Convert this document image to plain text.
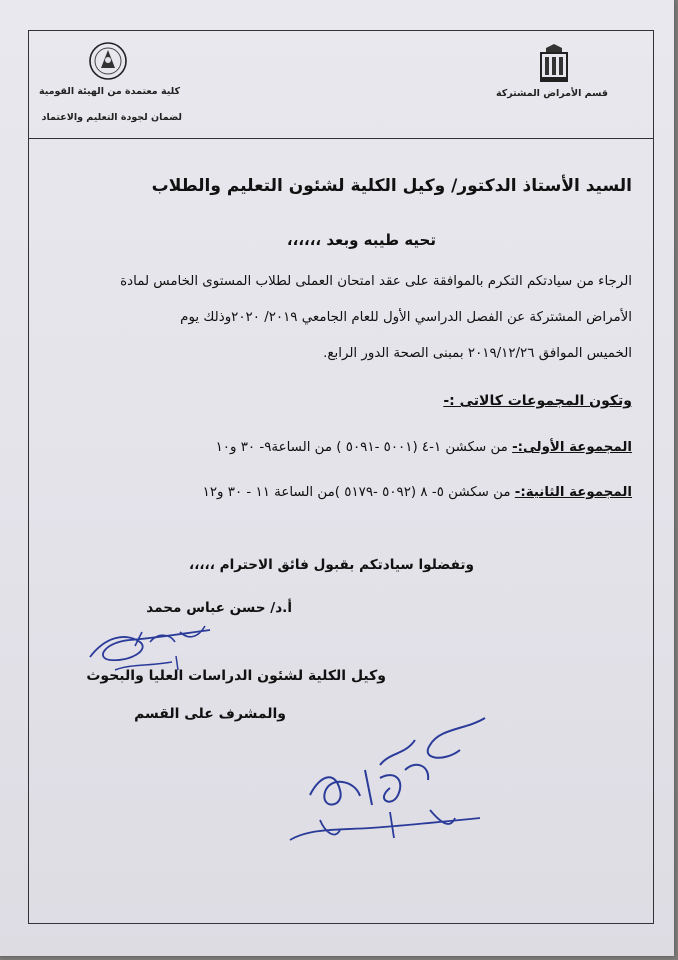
قسم الأمراض المشتركة
كلية معتمدة من الهيئة القومية
لضمان لجودة التعليم والاعتماد
السيد الأستاذ الدكتور/ وكيل الكلية لشئون التعليم والطلاب
تحيه طيبه وبعد ،،،،،،
الرجاء من سيادتكم التكرم بالموافقة على عقد امتحان العملى لطلاب المستوى الخامس لمادة
الأمراض المشتركة عن الفصل الدراسي الأول للعام الجامعي ٢٠١٩/ ٢٠٢٠وذلك يوم
الخميس الموافق ٢٠١٩/١٢/٢٦ بمبنى الصحة الدور الرابع.
وتكون المجموعات كالاتى :-
المجموعة الأولى:- من سكشن ١-٤ (٥٠٠١ -٥٠٩١ ) من الساعة٩- ٣٠ و١٠
المجموعة الثانية:- من سكشن ٥- ٨ (٥٠٩٢ -٥١٧٩ )من الساعة ١١ - ٣٠ و١٢
وتفضلوا سيادتكم بقبول فائق الاحترام ،،،،،
أ.د/ حسن عباس محمد
وكيل الكلية لشئون الدراسات العليا والبحوث
والمشرف على القسم
